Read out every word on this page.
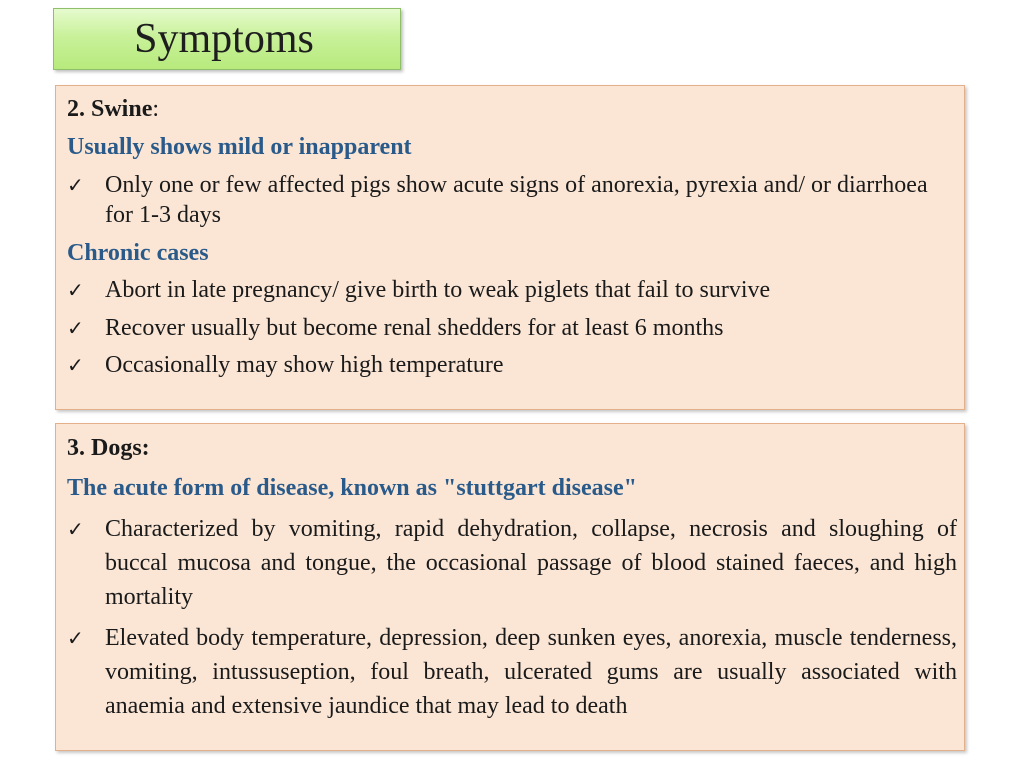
Symptoms
2. Swine:
Usually shows mild or inapparent
✓ Only one or few affected pigs show acute signs of anorexia, pyrexia and/ or diarrhoea for 1-3 days
Chronic cases
✓ Abort in late pregnancy/ give birth to weak piglets that fail to survive
✓ Recover usually but become renal shedders for at least 6 months
✓ Occasionally may show high temperature
3. Dogs:
The acute form of disease, known as "stuttgart disease"
✓ Characterized by vomiting, rapid dehydration, collapse, necrosis and sloughing of buccal mucosa and tongue, the occasional passage of blood stained faeces, and high mortality
✓ Elevated body temperature, depression, deep sunken eyes, anorexia, muscle tenderness, vomiting, intussuseption, foul breath, ulcerated gums are usually associated with anaemia and extensive jaundice that may lead to death
